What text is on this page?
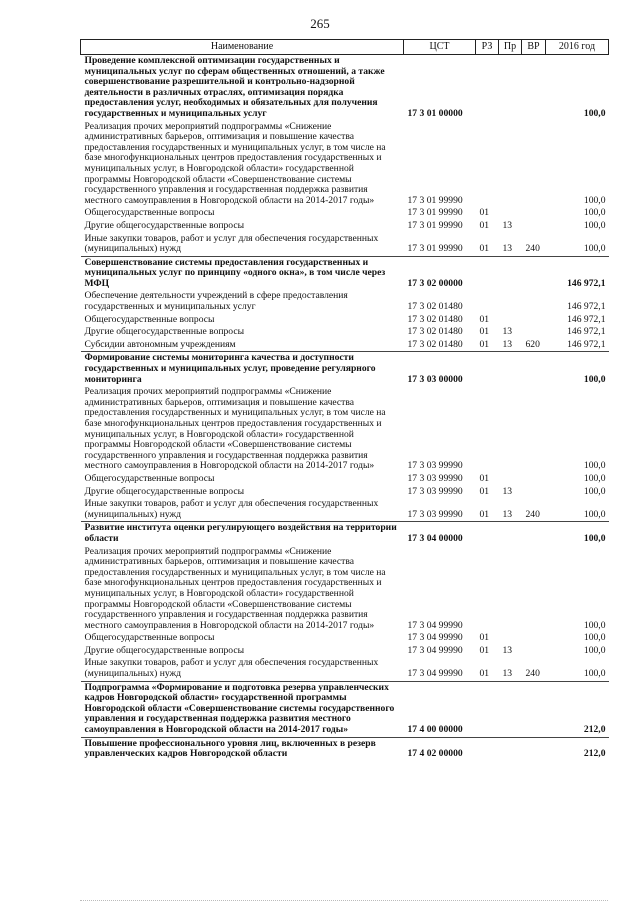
265
Наименование	ЦСТ	РЗ	Пр	ВР	2016 год
Проведение комплексной оптимизации государственных и муниципальных услуг по сферам общественных отношений, а также совершенствование разрешительной и контрольно-надзорной деятельности в различных отраслях, оптимизация порядка предоставления услуг, необходимых и обязательных для получения государственных и муниципальных услуг	17 3 01 00000				100,0
Реализация прочих мероприятий подпрограммы «Снижение административных барьеров, оптимизация и повышение качества предоставления государственных и муниципальных услуг, в том числе на базе многофункциональных центров предоставления государственных и муниципальных услуг, в Новгородской области» государственной программы Новгородской области «Совершенствование системы государственного управления и государственная поддержка развития местного самоуправления в Новгородской области на 2014-2017 годы»	17 3 01 99990				100,0
Общегосударственные вопросы	17 3 01 99990	01			100,0
Другие общегосударственные вопросы	17 3 01 99990	01	13		100,0
Иные закупки товаров, работ и услуг для обеспечения государственных (муниципальных) нужд	17 3 01 99990	01	13	240	100,0
Совершенствование системы предоставления государственных и муниципальных услуг по принципу «одного окна», в том числе через МФЦ	17 3 02 00000				146 972,1
Обеспечение деятельности учреждений в сфере предоставления государственных и муниципальных услуг	17 3 02 01480				146 972,1
Общегосударственные вопросы	17 3 02 01480	01			146 972,1
Другие общегосударственные вопросы	17 3 02 01480	01	13		146 972,1
Субсидии автономным учреждениям	17 3 02 01480	01	13	620	146 972,1
Формирование системы мониторинга качества и доступности государственных и муниципальных услуг, проведение регулярного мониторинга	17 3 03 00000				100,0
Реализация прочих мероприятий подпрограммы «Снижение административных барьеров, оптимизация и повышение качества предоставления государственных и муниципальных услуг, в том числе на базе многофункциональных центров предоставления государственных и муниципальных услуг, в Новгородской области» государственной программы Новгородской области «Совершенствование системы государственного управления и государственная поддержка развития местного самоуправления в Новгородской области на 2014-2017 годы»	17 3 03 99990				100,0
Общегосударственные вопросы	17 3 03 99990	01			100,0
Другие общегосударственные вопросы	17 3 03 99990	01	13		100,0
Иные закупки товаров, работ и услуг для обеспечения государственных (муниципальных) нужд	17 3 03 99990	01	13	240	100,0
Развитие института оценки регулирующего воздействия на территории области	17 3 04 00000				100,0
Реализация прочих мероприятий подпрограммы «Снижение административных барьеров, оптимизация и повышение качества предоставления государственных и муниципальных услуг, в том числе на базе многофункциональных центров предоставления государственных и муниципальных услуг, в Новгородской области» государственной программы Новгородской области «Совершенствование системы государственного управления и государственная поддержка развития местного самоуправления в Новгородской области на 2014-2017 годы»	17 3 04 99990				100,0
Общегосударственные вопросы	17 3 04 99990	01			100,0
Другие общегосударственные вопросы	17 3 04 99990	01	13		100,0
Иные закупки товаров, работ и услуг для обеспечения государственных (муниципальных) нужд	17 3 04 99990	01	13	240	100,0
Подпрограмма «Формирование и подготовка резерва управленческих кадров Новгородской области» государственной программы Новгородской области «Совершенствование системы государственного управления и государственная поддержка развития местного самоуправления в Новгородской области на 2014-2017 годы»	17 4 00 00000				212,0
Повышение профессионального уровня лиц, включенных в резерв управленческих кадров Новгородской области	17 4 02 00000				212,0
